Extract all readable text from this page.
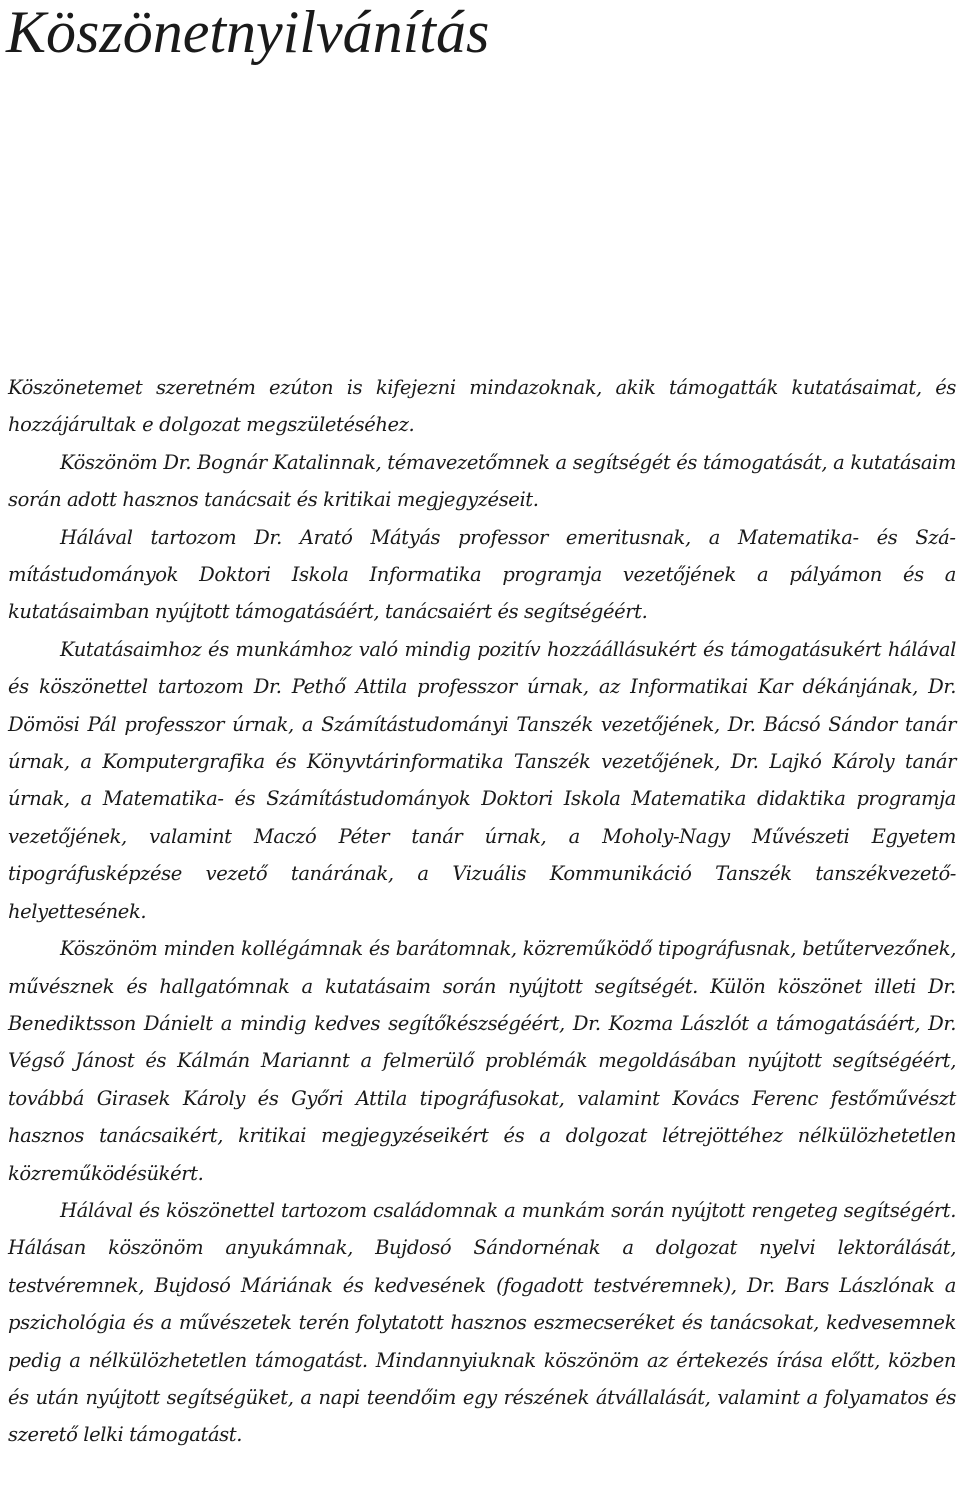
Köszönetnyilvánítás

Köszönetemet szeretném ezúton is kifejezni mindazoknak, akik támogatták kutatásaimat, és hozzájárultak e dolgozat megszületéséhez.

Köszönöm Dr. Bognár Katalinnak, témavezetőmnek a segítségét és támogatását, a kutatásaim során adott hasznos tanácsait és kritikai megjegyzéseit.

Hálával tartozom Dr. Arató Mátyás professor emeritusnak, a Matematika- és Számítástudományok Doktori Iskola Informatika programja vezetőjének a pályámon és a kutatásaimban nyújtott támogatásáért, tanácsaiért és segítségéért.

Kutatásaimhoz és munkámhoz való mindig pozitív hozzáállásukért és támogatásukért hálával és köszönettel tartozom Dr. Pethő Attila professzor úrnak, az Informatikai Kar dékánjának, Dr. Dömösi Pál professzor úrnak, a Számítástudományi Tanszék vezetőjének, Dr. Bácsó Sándor tanár úrnak, a Komputergrafika és Könyvtárinformatika Tanszék vezetőjének, Dr. Lajkó Károly tanár úrnak, a Matematika- és Számítástudományok Doktori Iskola Matematika didaktika programja vezetőjének, valamint Maczó Péter tanár úrnak, a Moholy-Nagy Művészeti Egyetem tipográfusképzése vezető tanárának, a Vizuális Kommunikáció Tanszék tanszékvezető-helyettesének.

Köszönöm minden kollégámnak és barátomnak, közreműködő tipográfusnak, betűtervezőnek, művésznek és hallgatómnak a kutatásaim során nyújtott segítségét. Külön köszönet illeti Dr. Benediktsson Dánielt a mindig kedves segítőkészségéért, Dr. Kozma Lászlót a támogatásáért, Dr. Végső Jánost és Kálmán Mariannt a felmerülő problémák megoldásában nyújtott segítségéért, továbbá Girasek Károly és Győri Attila tipográfusokat, valamint Kovács Ferenc festőművészt hasznos tanácsaikért, kritikai megjegyzéseikért és a dolgozat létrejöttéhez nélkülözhetetlen közreműködésükért.

Hálával és köszönettel tartozom családomnak a munkám során nyújtott rengeteg segítségért. Hálásan köszönöm anyukámnak, Bujdosó Sándornénak a dolgozat nyelvi lektorálását, testvéremnek, Bujdosó Máriának és kedvesének (fogadott testvéremnek), Dr. Bars Lászlónak a pszichológia és a művészetek terén folytatott hasznos eszmecseréket és tanácsokat, kedvesemnek pedig a nélkülözhetetlen támogatást. Mindannyiuknak köszönöm az értekezés írása előtt, közben és után nyújtott segítségüket, a napi teendőim egy részének átvállalását, valamint a folyamatos és szerető lelki támogatást.
